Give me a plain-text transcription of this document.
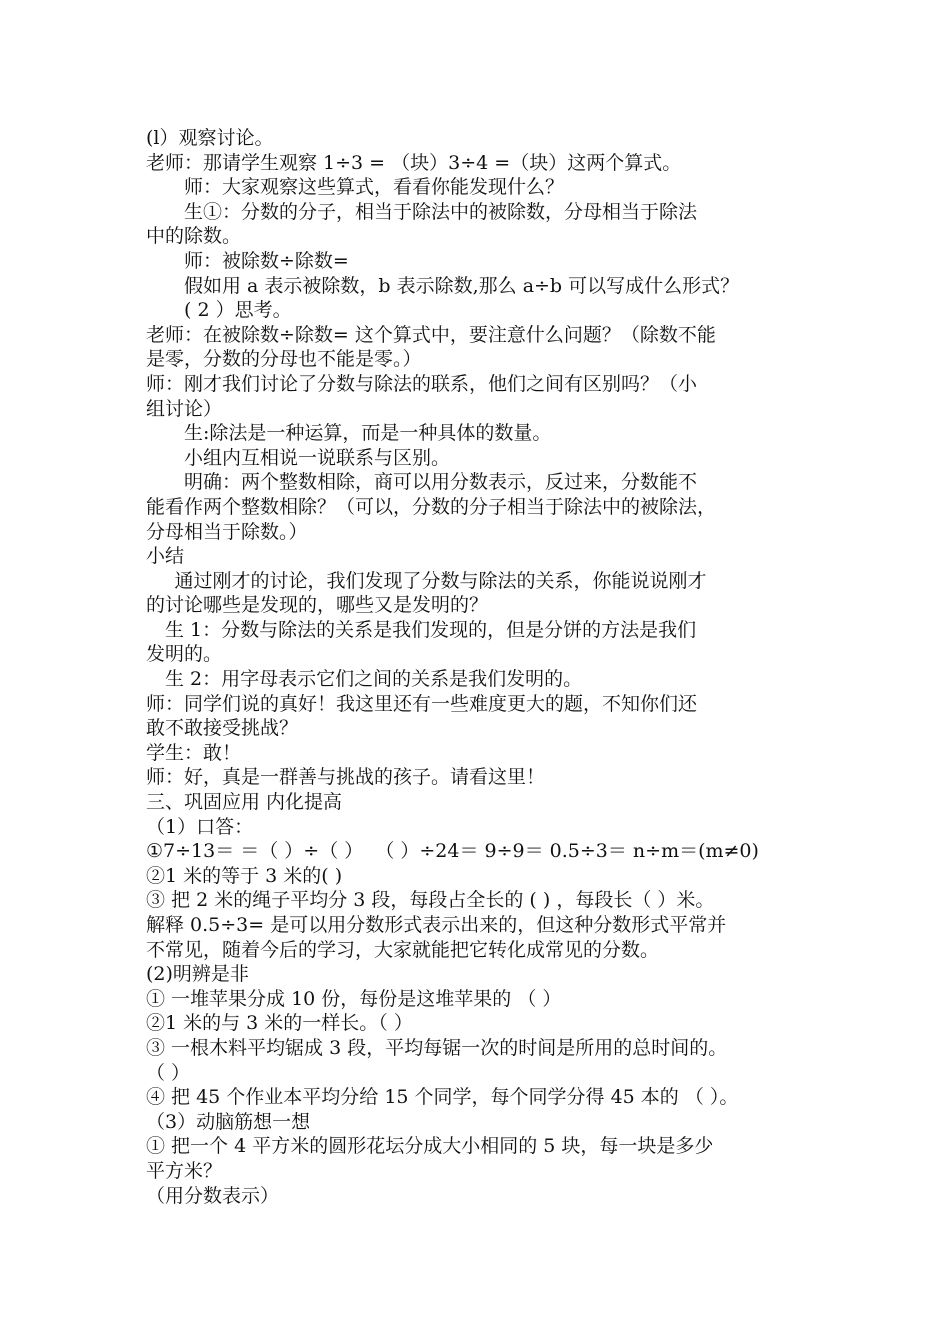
(l）观察讨论。
老师：那请学生观察 1÷3 = （块）3÷4 =（块）这两个算式。
师：大家观察这些算式，看看你能发现什么？
生①：分数的分子，相当于除法中的被除数，分母相当于除法
中的除数。
师：被除数÷除数=
假如用 a 表示被除数，b 表示除数,那么 a÷b 可以写成什么形式？
( 2 ）思考。
老师：在被除数÷除数= 这个算式中，要注意什么问题？（除数不能
是零，分数的分母也不能是零。）
师：刚才我们讨论了分数与除法的联系，他们之间有区别吗？（小
组讨论）
生:除法是一种运算，而是一种具体的数量。
小组内互相说一说联系与区别。
明确：两个整数相除，商可以用分数表示，反过来，分数能不
能看作两个整数相除？（可以，分数的分子相当于除法中的被除法，
分母相当于除数。）
小结
通过刚才的讨论，我们发现了分数与除法的关系，你能说说刚才
的讨论哪些是发现的，哪些又是发明的？
生 1：分数与除法的关系是我们发现的，但是分饼的方法是我们
发明的。
生 2：用字母表示它们之间的关系是我们发明的。
师：同学们说的真好！我这里还有一些难度更大的题，不知你们还
敢不敢接受挑战？
学生：敢！
师：好，真是一群善与挑战的孩子。请看这里！
三、巩固应用 内化提高
（1）口答：
①7÷13＝ ＝（ ）÷（ ）  （ ）÷24＝ 9÷9＝ 0.5÷3＝ n÷m＝(m≠0)
②1 米的等于 3 米的( )
③ 把 2 米的绳子平均分 3 段，每段占全长的 ( ) ，每段长（ ）米。
解释 0.5÷3= 是可以用分数形式表示出来的，但这种分数形式平常并
不常见，随着今后的学习，大家就能把它转化成常见的分数。
(2)明辨是非
① 一堆苹果分成 10 份，每份是这堆苹果的 （ ）
②1 米的与 3 米的一样长。（ ）
③ 一根木料平均锯成 3 段，平均每锯一次的时间是所用的总时间的。
（ ）
④ 把 45 个作业本平均分给 15 个同学，每个同学分得 45 本的 （ ）。
（3）动脑筋想一想
① 把一个 4 平方米的圆形花坛分成大小相同的 5 块，每一块是多少
平方米？
（用分数表示）
